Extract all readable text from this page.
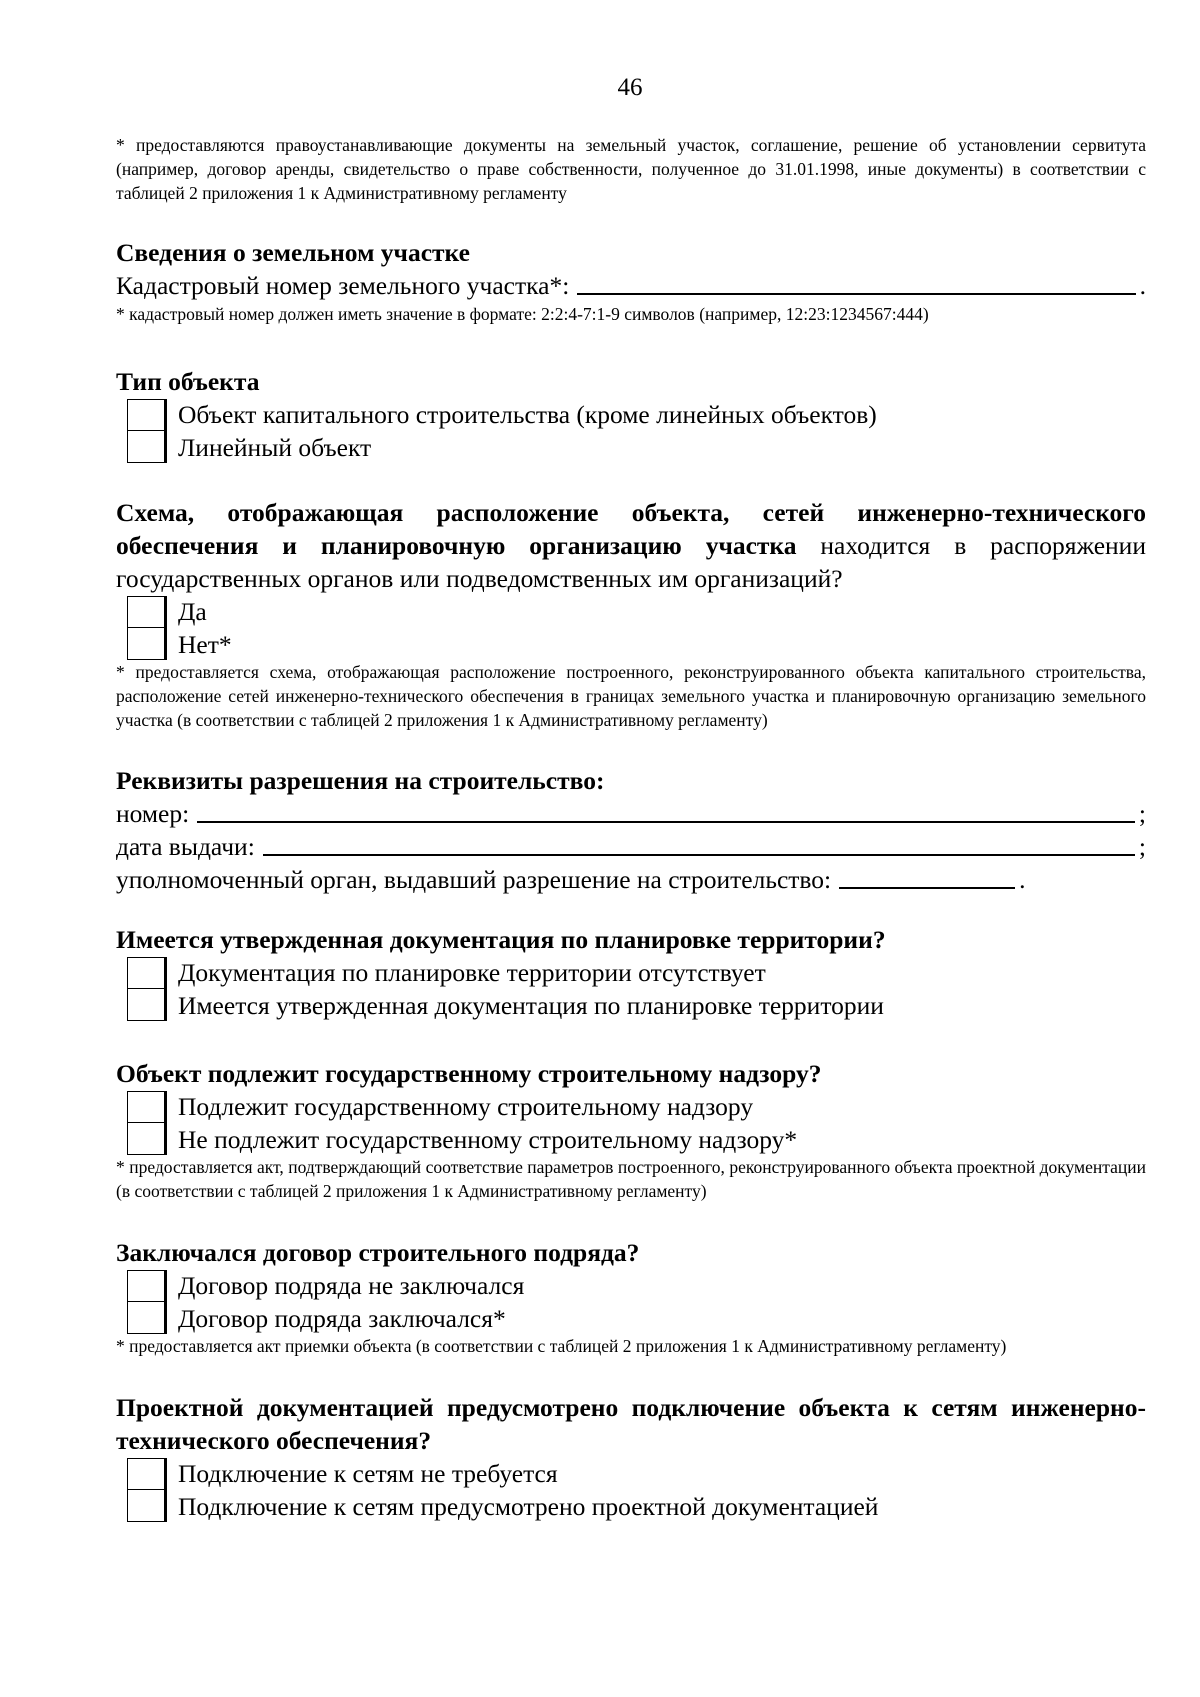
46

* предоставляются правоустанавливающие документы на земельный участок, соглашение, решение об установлении сервитута (например, договор аренды, свидетельство о праве собственности, полученное до 31.01.1998, иные документы) в соответствии с таблицей 2 приложения 1 к Административному регламенту

Сведения о земельном участке

Кадастровый номер земельного участка*:	.

* кадастровый номер должен иметь значение в формате: 2:2:4-7:1-9 символов (например, 12:23:1234567:444)

Тип объекта

Объект капитального строительства (кроме линейных объектов)
Линейный объект

Схема, отображающая расположение объекта, сетей инженерно-технического обеспечения и планировочную организацию участка находится в распоряжении государственных органов или подведомственных им организаций?

Да
Нет*

* предоставляется схема, отображающая расположение построенного, реконструированного объекта капитального строительства, расположение сетей инженерно-технического обеспечения в границах земельного участка и планировочную организацию земельного участка (в соответствии с таблицей 2 приложения 1 к Административному регламенту)

Реквизиты разрешения на строительство:

номер:	;
дата выдачи:	;
уполномоченный орган, выдавший разрешение на строительство:	.

Имеется утвержденная документация по планировке территории?

Документация по планировке территории отсутствует
Имеется утвержденная документация по планировке территории

Объект подлежит государственному строительному надзору?

Подлежит государственному строительному надзору
Не подлежит государственному строительному надзору*

* предоставляется акт, подтверждающий соответствие параметров построенного, реконструированного объекта проектной документации (в соответствии с таблицей 2 приложения 1 к Административному регламенту)

Заключался договор строительного подряда?

Договор подряда не заключался
Договор подряда заключался*

* предоставляется акт приемки объекта (в соответствии с таблицей 2 приложения 1 к Административному регламенту)

Проектной документацией предусмотрено подключение объекта к сетям инженерно-технического обеспечения?

Подключение к сетям не требуется
Подключение к сетям предусмотрено проектной документацией
